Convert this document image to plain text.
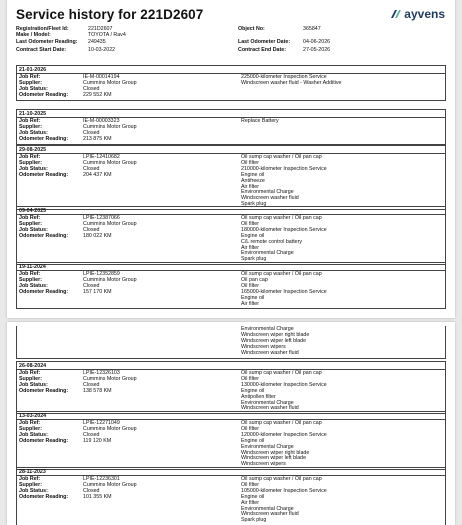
Service history for 221D2607	ayvens
Registration/Fleet Id:	221D2607	Object No:	365847
Make / Model:	TOYOTA / Rav4
Last Odometer Reading:	249435	Last Odometer Date:	04-06-2026
Contract Start Date:	10-03-2022	Contract End Date:	27-05-2026
21-01-2026
Job Ref:	IE-M-00014194
Supplier:	Cummins Motor Group
Job Status:	Closed
Odometer Reading:	229 552 KM
225000-kilometer Inspection Service
Windscreen washer fluid - Washer Additive
21-10-2025
Job Ref:	IE-M-00003323
Supplier:	Cummins Motor Group
Job Status:	Closed
Odometer Reading:	213 875 KM
Replace Battery
29-08-2025
Job Ref:	LPIE-12410682
Supplier:	Cummins Motor Group
Job Status:	Closed
Odometer Reading:	204 437 KM
Oil sump cap washer / Oil pan cap
Oil filter
210000-kilometer Inspection Service
Engine oil
Antifreeze
Air filter
Environmental Charge
Windscreen washer fluid
Spark plug
09-04-2025
Job Ref:	LPIE-12387066
Supplier:	Cummins Motor Group
Job Status:	Closed
Odometer Reading:	180 022 KM
Oil sump cap washer / Oil pan cap
Oil filter
180000-kilometer Inspection Service
Engine oil
C/L remote control battery
Air filter
Environmental Charge
Spark plug
19-11-2024
Job Ref:	LPIE-12352859
Supplier:	Cummins Motor Group
Job Status:	Closed
Odometer Reading:	157 170 KM
Oil sump cap washer / Oil pan cap
Oil pan cap
Oil filter
165000-kilometer Inspection Service
Engine oil
Air filter
Environmental Charge
Windscreen wiper right blade
Windscreen wiper left blade
Windscreen wipers
Windscreen washer fluid
26-08-2024
Job Ref:	LPIE-12326103
Supplier:	Cummins Motor Group
Job Status:	Closed
Odometer Reading:	138 578 KM
Oil sump cap washer / Oil pan cap
Oil filter
130000-kilometer Inspection Service
Engine oil
Antipollen filter
Environmental Charge
Windscreen washer fluid
13-03-2024
Job Ref:	LPIE-12271049
Supplier:	Cummins Motor Group
Job Status:	Closed
Odometer Reading:	119 120 KM
Oil sump cap washer / Oil pan cap
Oil filter
120000-kilometer Inspection Service
Engine oil
Environmental Charge
Windscreen wiper right blade
Windscreen wiper left blade
Windscreen wipers
28-11-2023
Job Ref:	LPIE-12236301
Supplier:	Cummins Motor Group
Job Status:	Closed
Odometer Reading:	101 355 KM
Oil sump cap washer / Oil pan cap
Oil filter
105000-kilometer Inspection Service
Engine oil
Air filter
Environmental Charge
Windscreen washer fluid
Spark plug
